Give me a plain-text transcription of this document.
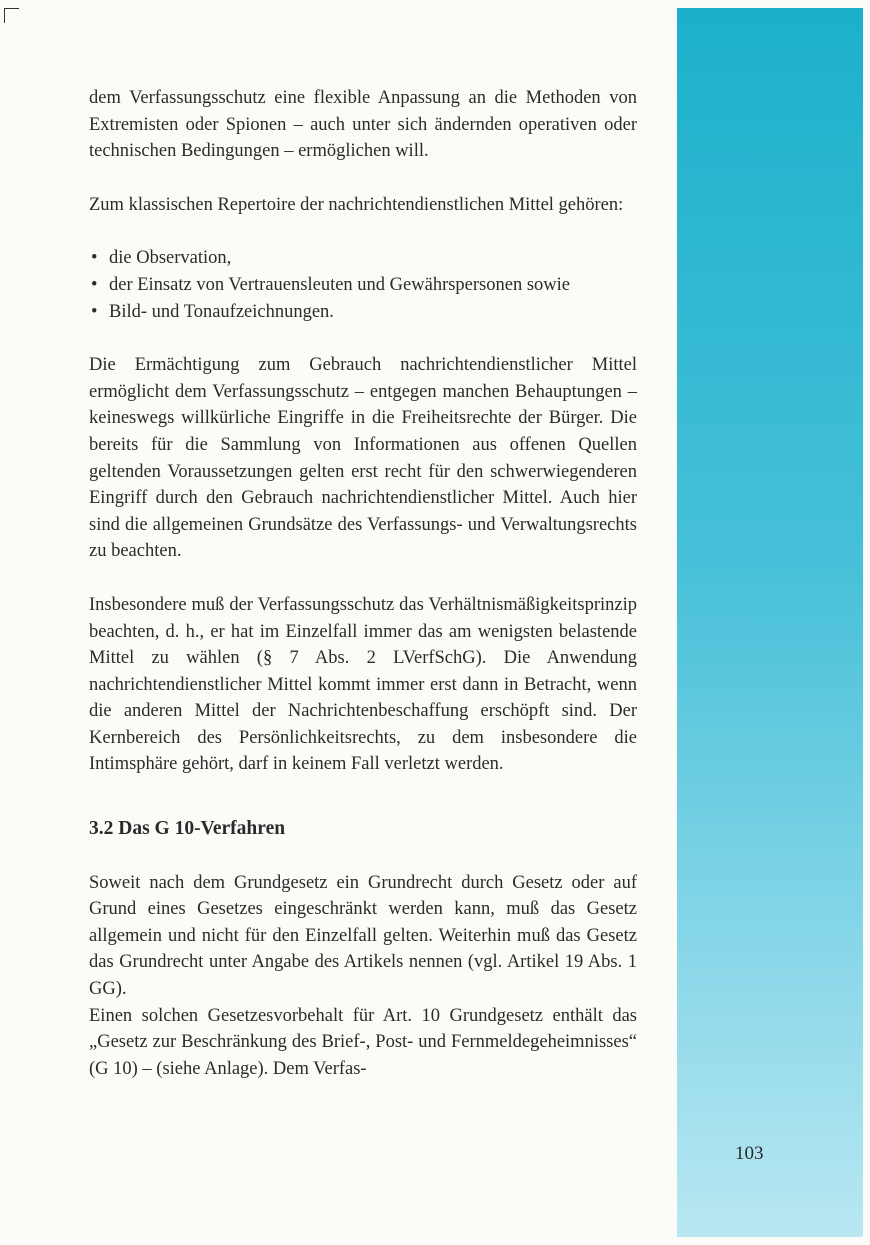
dem Verfassungsschutz eine flexible Anpassung an die Methoden von Extremisten oder Spionen – auch unter sich ändernden operativen oder technischen Bedingungen – ermöglichen will.

Zum klassischen Repertoire der nachrichtendienstlichen Mittel gehören:

• die Observation,
• der Einsatz von Vertrauensleuten und Gewährspersonen sowie
• Bild- und Tonaufzeichnungen.

Die Ermächtigung zum Gebrauch nachrichtendienstlicher Mittel ermöglicht dem Verfassungsschutz – entgegen manchen Behauptungen – keineswegs willkürliche Eingriffe in die Freiheitsrechte der Bürger. Die bereits für die Sammlung von Informationen aus offenen Quellen geltenden Voraussetzungen gelten erst recht für den schwerwiegenderen Eingriff durch den Gebrauch nachrichtendienstlicher Mittel. Auch hier sind die allgemeinen Grundsätze des Verfassungs- und Verwaltungsrechts zu beachten.

Insbesondere muß der Verfassungsschutz das Verhältnismäßigkeitsprinzip beachten, d. h., er hat im Einzelfall immer das am wenigsten belastende Mittel zu wählen (§ 7 Abs. 2 LVerfSchG). Die Anwendung nachrichtendienstlicher Mittel kommt immer erst dann in Betracht, wenn die anderen Mittel der Nachrichtenbeschaffung erschöpft sind. Der Kernbereich des Persönlichkeitsrechts, zu dem insbesondere die Intimsphäre gehört, darf in keinem Fall verletzt werden.

3.2 Das G 10-Verfahren

Soweit nach dem Grundgesetz ein Grundrecht durch Gesetz oder auf Grund eines Gesetzes eingeschränkt werden kann, muß das Gesetz allgemein und nicht für den Einzelfall gelten. Weiterhin muß das Gesetz das Grundrecht unter Angabe des Artikels nennen (vgl. Artikel 19 Abs. 1 GG).

Einen solchen Gesetzesvorbehalt für Art. 10 Grundgesetz enthält das „Gesetz zur Beschränkung des Brief-, Post- und Fernmeldegeheimnisses“ (G 10) – (siehe Anlage). Dem Verfas-

103
